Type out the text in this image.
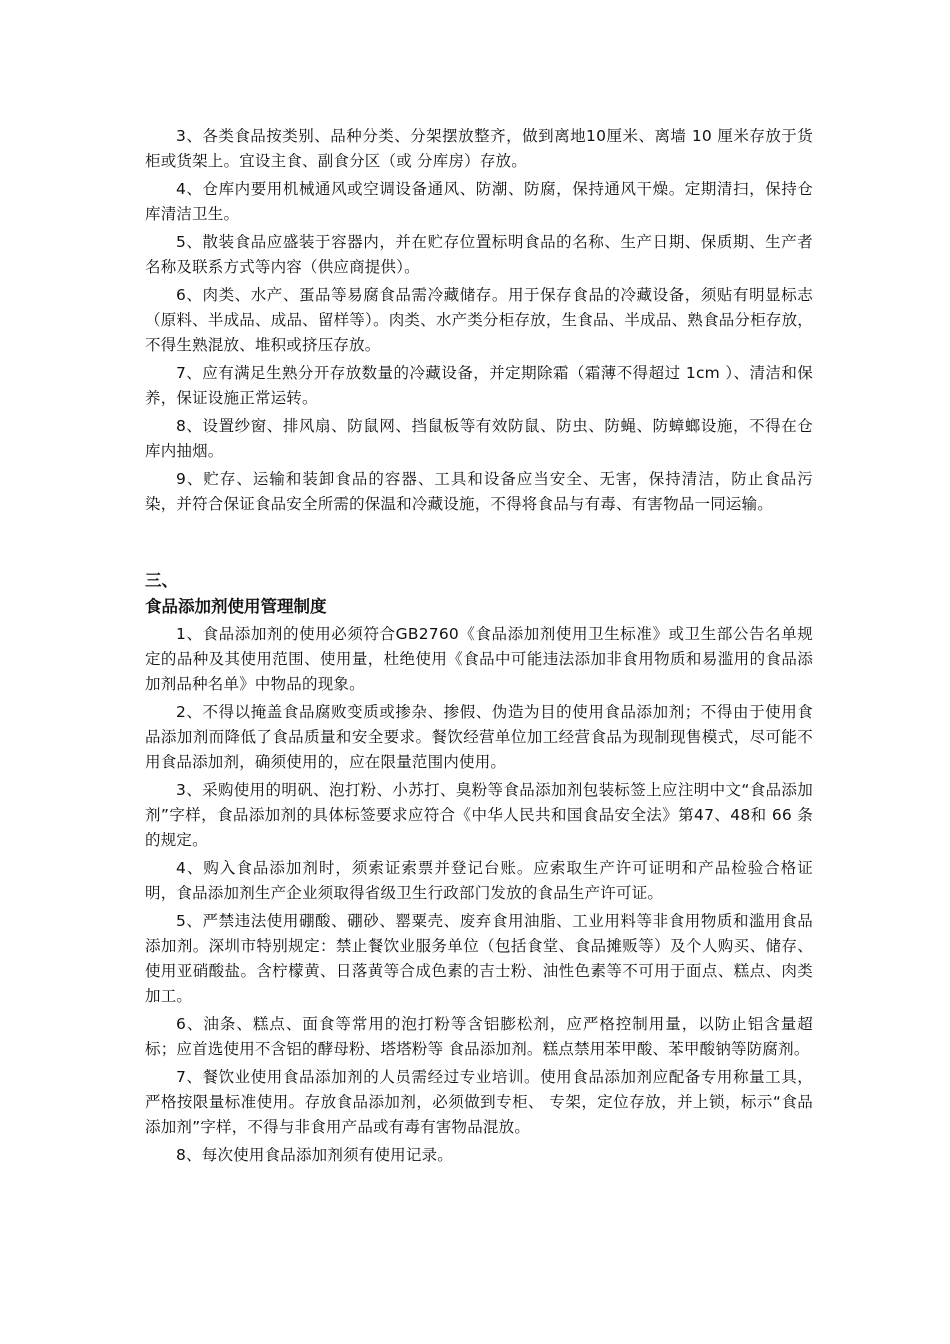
3、各类食品按类别、品种分类、分架摆放整齐，做到离地10厘米、离墙 10 厘米存放于货柜或货架上。宜设主食、副食分区（或 分库房）存放。

4、仓库内要用机械通风或空调设备通风、防潮、防腐，保持通风干燥。定期清扫，保持仓库清洁卫生。

5、散装食品应盛装于容器内，并在贮存位置标明食品的名称、生产日期、保质期、生产者名称及联系方式等内容（供应商提供）。

6、肉类、水产、蛋品等易腐食品需冷藏储存。用于保存食品的冷藏设备，须贴有明显标志（原料、半成品、成品、留样等）。肉类、水产类分柜存放，生食品、半成品、熟食品分柜存放，不得生熟混放、堆积或挤压存放。

7、应有满足生熟分开存放数量的冷藏设备，并定期除霜（霜薄不得超过 1cm ）、清洁和保养，保证设施正常运转。

8、设置纱窗、排风扇、防鼠网、挡鼠板等有效防鼠、防虫、防蝇、防蟑螂设施，不得在仓库内抽烟。

9、贮存、运输和装卸食品的容器、工具和设备应当安全、无害，保持清洁，防止食品污染，并符合保证食品安全所需的保温和冷藏设施，不得将食品与有毒、有害物品一同运输。

三、

食品添加剂使用管理制度

1、食品添加剂的使用必须符合GB2760《食品添加剂使用卫生标准》或卫生部公告名单规定的品种及其使用范围、使用量，杜绝使用《食品中可能违法添加非食用物质和易滥用的食品添加剂品种名单》中物品的现象。

2、不得以掩盖食品腐败变质或掺杂、掺假、伪造为目的使用食品添加剂；不得由于使用食品添加剂而降低了食品质量和安全要求。餐饮经营单位加工经营食品为现制现售模式，尽可能不用食品添加剂，确须使用的，应在限量范围内使用。

3、采购使用的明矾、泡打粉、小苏打、臭粉等食品添加剂包装标签上应注明中文“食品添加剂”字样，食品添加剂的具体标签要求应符合《中华人民共和国食品安全法》第47、48和 66 条的规定。

4、购入食品添加剂时，须索证索票并登记台账。应索取生产许可证明和产品检验合格证明，食品添加剂生产企业须取得省级卫生行政部门发放的食品生产许可证。

5、严禁违法使用硼酸、硼砂、罂粟壳、废弃食用油脂、工业用料等非食用物质和滥用食品添加剂。深圳市特别规定：禁止餐饮业服务单位（包括食堂、食品摊贩等）及个人购买、储存、使用亚硝酸盐。含柠檬黄、日落黄等合成色素的吉士粉、油性色素等不可用于面点、糕点、肉类加工。

6、油条、糕点、面食等常用的泡打粉等含铝膨松剂，应严格控制用量，以防止铝含量超标；应首选使用不含铝的酵母粉、塔塔粉等 食品添加剂。糕点禁用苯甲酸、苯甲酸钠等防腐剂。

7、餐饮业使用食品添加剂的人员需经过专业培训。使用食品添加剂应配备专用称量工具，严格按限量标准使用。存放食品添加剂，必须做到专柜、 专架，定位存放，并上锁，标示“食品添加剂”字样，不得与非食用产品或有毒有害物品混放。

8、每次使用食品添加剂须有使用记录。
